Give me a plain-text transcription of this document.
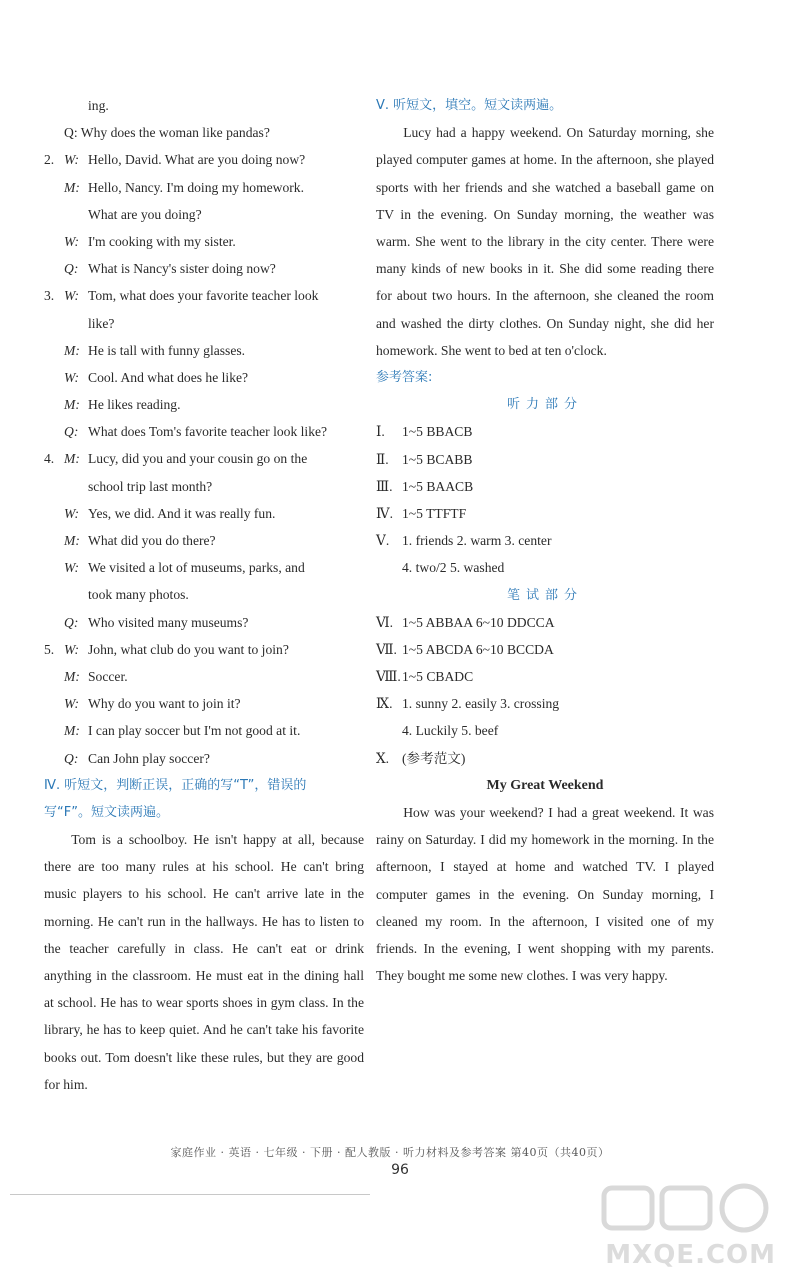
ing.
Q: Why does the woman like pandas?
2. W: Hello, David. What are you doing now?
M: Hello, Nancy. I'm doing my homework.
What are you doing?
W: I'm cooking with my sister.
Q: What is Nancy's sister doing now?
3. W: Tom, what does your favorite teacher look
like?
M: He is tall with funny glasses.
W: Cool. And what does he like?
M: He likes reading.
Q: What does Tom's favorite teacher look like?
4. M: Lucy, did you and your cousin go on the
school trip last month?
W: Yes, we did. And it was really fun.
M: What did you do there?
W: We visited a lot of museums, parks, and
took many photos.
Q: Who visited many museums?
5. W: John, what club do you want to join?
M: Soccer.
W: Why do you want to join it?
M: I can play soccer but I'm not good at it.
Q: Can John play soccer?
Ⅳ. 听短文，判断正误，正确的写“T”，错误的
写“F”。短文读两遍。

Tom is a schoolboy. He isn't happy at all, because there are too many rules at his school. He can't bring music players to his school. He can't arrive late in the morning. He can't run in the hallways. He has to listen to the teacher carefully in class. He can't eat or drink anything in the classroom. He must eat in the dining hall at school. He has to wear sports shoes in gym class. In the library, he has to keep quiet. And he can't take his favorite books out. Tom doesn't like these rules, but they are good for him.

Ⅴ. 听短文，填空。短文读两遍。

Lucy had a happy weekend. On Saturday morning, she played computer games at home. In the afternoon, she played sports with her friends and she watched a baseball game on TV in the evening. On Sunday morning, the weather was warm. She went to the library in the city center. There were many kinds of new books in it. She did some reading there for about two hours. In the afternoon, she cleaned the room and washed the dirty clothes. On Sunday night, she did her homework. She went to bed at ten o'clock.

参考答案:
听力部分
Ⅰ. 1~5 BBACB
Ⅱ. 1~5 BCABB
Ⅲ. 1~5 BAACB
Ⅳ. 1~5 TTFTF
Ⅴ. 1. friends 2. warm 3. center
4. two/2 5. washed
笔试部分
Ⅵ. 1~5 ABBAA 6~10 DDCCA
Ⅶ. 1~5 ABCDA 6~10 BCCDA
Ⅷ.1~5 CBADC
Ⅸ. 1. sunny 2. easily 3. crossing
4. Luckily 5. beef
Ⅹ. (参考范文)
My Great Weekend

How was your weekend? I had a great weekend. It was rainy on Saturday. I did my homework in the morning. In the afternoon, I stayed at home and watched TV. I played computer games in the evening. On Sunday morning, I cleaned my room. In the afternoon, I visited one of my friends. In the evening, I went shopping with my parents. They bought me some new clothes. I was very happy.

家庭作业 · 英语 · 七年级 · 下册 · 配人教版 · 听力材料及参考答案 第40页（共40页）
96
MXQE.COM
